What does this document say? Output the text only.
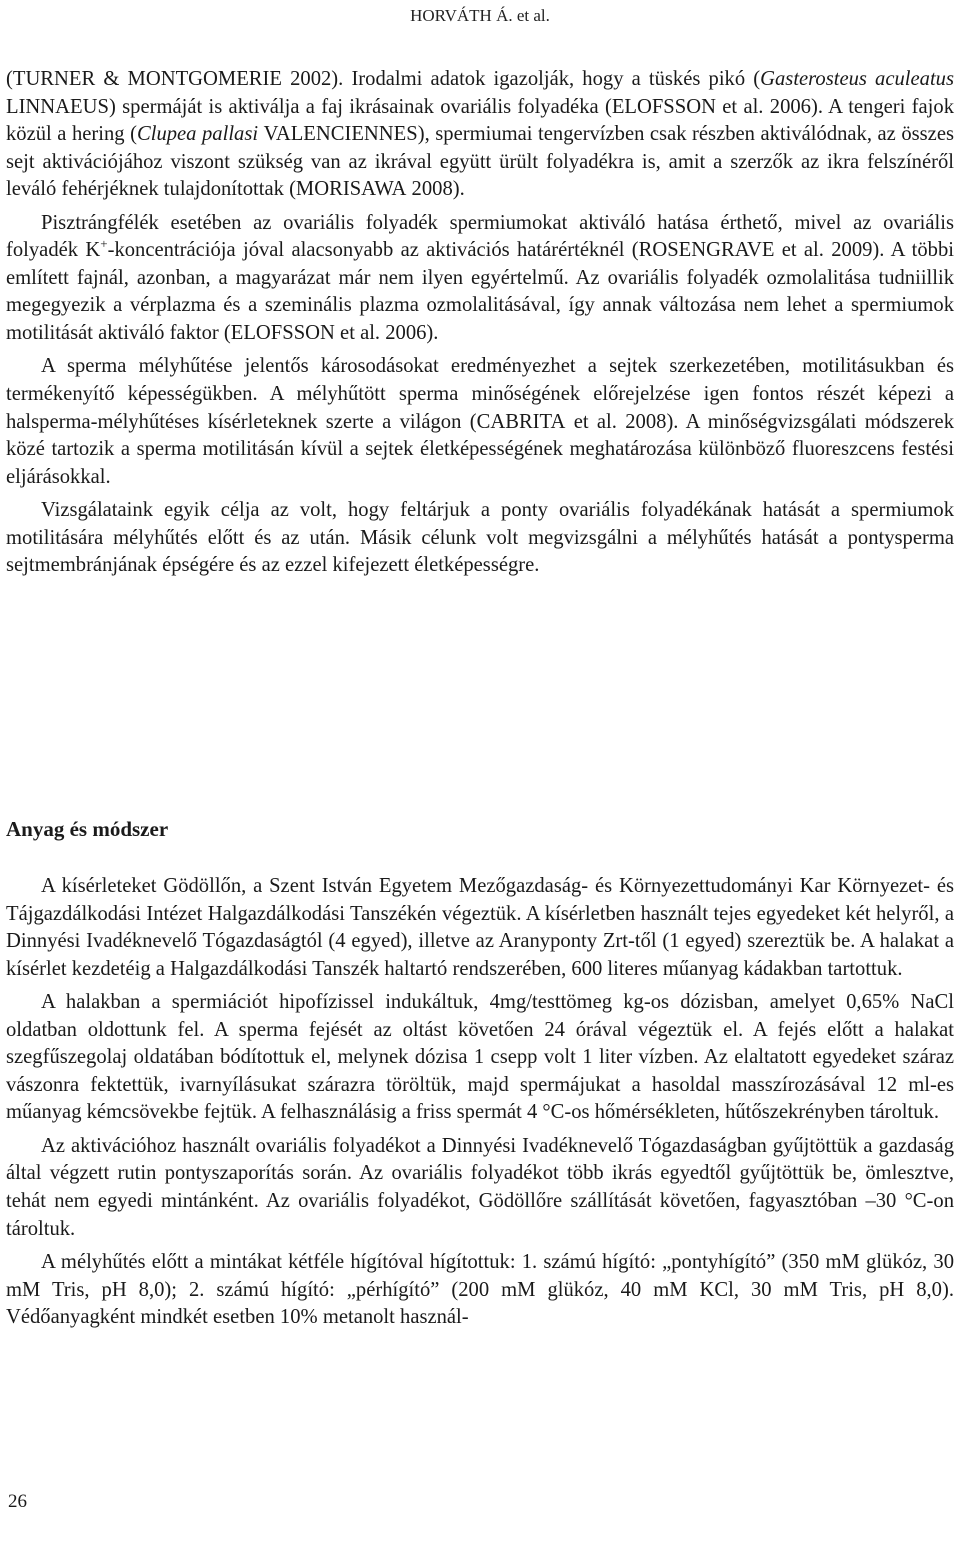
HORVÁTH Á. et al.

(TURNER & MONTGOMERIE 2002). Irodalmi adatok igazolják, hogy a tüskés pikó (Gasterosteus aculeatus LINNAEUS) spermáját is aktiválja a faj ikrásainak ovariális folyadéka (ELOFSSON et al. 2006). A tengeri fajok közül a hering (Clupea pallasi VALENCIENNES), spermiumai tengervízben csak részben aktiválódnak, az összes sejt aktivációjához viszont szükség van az ikrával együtt ürült folyadékra is, amit a szerzők az ikra felszínéről leváló fehérjéknek tulajdonítottak (MORISAWA 2008).

Pisztrángfélék esetében az ovariális folyadék spermiumokat aktiváló hatása érthető, mivel az ovariális folyadék K+-koncentrációja jóval alacsonyabb az aktivációs határértéknél (ROSENGRAVE et al. 2009). A többi említett fajnál, azonban, a magyarázat már nem ilyen egyértelmű. Az ovariális folyadék ozmolalitása tudniillik megegyezik a vérplazma és a szeminális plazma ozmolalitásával, így annak változása nem lehet a spermiumok motilitását aktiváló faktor (ELOFSSON et al. 2006).

A sperma mélyhűtése jelentős károsodásokat eredményezhet a sejtek szerkezetében, motilitásukban és termékenyítő képességükben. A mélyhűtött sperma minőségének előrejelzése igen fontos részét képezi a halsperma-mélyhűtéses kísérleteknek szerte a világon (CABRITA et al. 2008). A minőségvizsgálati módszerek közé tartozik a sperma motilitásán kívül a sejtek életképességének meghatározása különböző fluoreszcens festési eljárásokkal.

Vizsgálataink egyik célja az volt, hogy feltárjuk a ponty ovariális folyadékának hatását a spermiumok motilitására mélyhűtés előtt és az után. Másik célunk volt megvizsgálni a mélyhűtés hatását a pontysperma sejtmembránjának épségére és az ezzel kifejezett életképességre.

Anyag és módszer

A kísérleteket Gödöllőn, a Szent István Egyetem Mezőgazdaság- és Környezettudományi Kar Környezet- és Tájgazdálkodási Intézet Halgazdálkodási Tanszékén végeztük. A kísérletben használt tejes egyedeket két helyről, a Dinnyési Ivadéknevelő Tógazdaságtól (4 egyed), illetve az Aranyponty Zrt-től (1 egyed) szereztük be. A halakat a kísérlet kezdetéig a Halgazdálkodási Tanszék haltartó rendszerében, 600 literes műanyag kádakban tartottuk.

A halakban a spermiációt hipofízissel indukáltuk, 4mg/testtömeg kg-os dózisban, amelyet 0,65% NaCl oldatban oldottunk fel. A sperma fejését az oltást követően 24 órával végeztük el. A fejés előtt a halakat szegfűszegolaj oldatában bódítottuk el, melynek dózisa 1 csepp volt 1 liter vízben. Az elaltatott egyedeket száraz vászonra fektettük, ivarnyílásukat szárazra töröltük, majd spermájukat a hasoldal masszírozásával 12 ml-es műanyag kémcsövekbe fejtük. A felhasználásig a friss spermát 4 °C-os hőmérsékleten, hűtőszekrényben tároltuk.

Az aktivációhoz használt ovariális folyadékot a Dinnyési Ivadéknevelő Tógazdaságban gyűjtöttük a gazdaság által végzett rutin pontyszaporítás során. Az ovariális folyadékot több ikrás egyedtől gyűjtöttük be, ömlesztve, tehát nem egyedi mintánként. Az ovariális folyadékot, Gödöllőre szállítását követően, fagyasztóban –30 °C-on tároltuk.

A mélyhűtés előtt a mintákat kétféle hígítóval hígítottuk: 1. számú hígító: „pontyhígító” (350 mM glükóz, 30 mM Tris, pH 8,0); 2. számú hígító: „pérhígító” (200 mM glükóz, 40 mM KCl, 30 mM Tris, pH 8,0). Védőanyagként mindkét esetben 10% metanolt használ-

26
